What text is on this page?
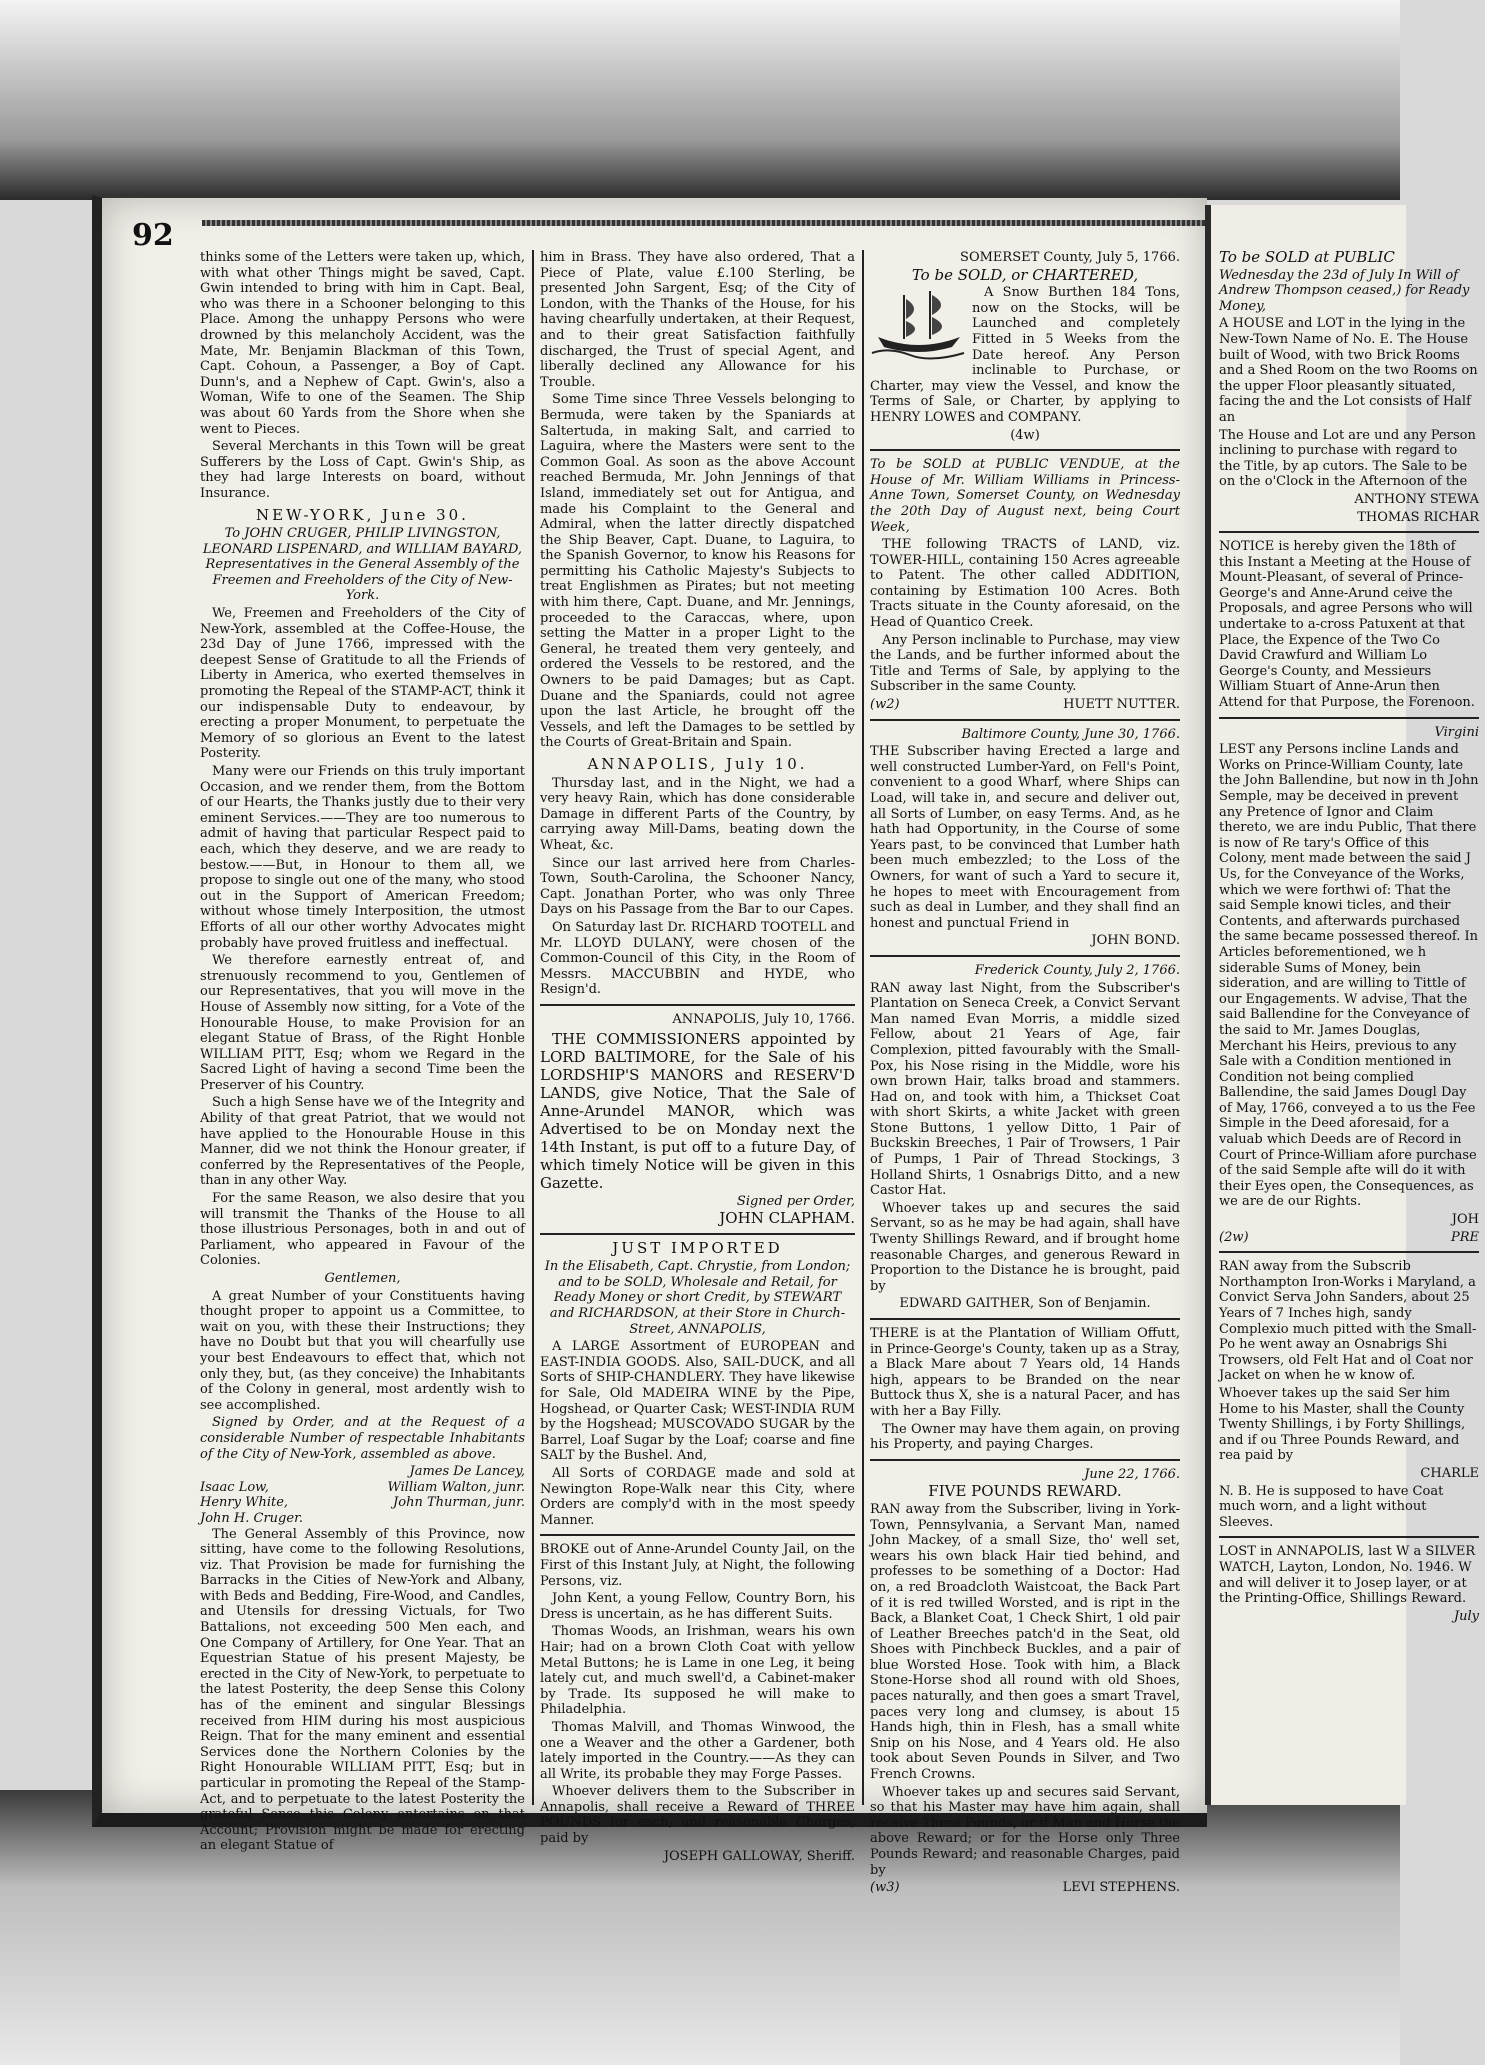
92

thinks some of the Letters were taken up, which, with what other Things might be saved, Capt. Gwin intended to bring with him in Capt. Beal, who was there in a Schooner belonging to this Place. Among the unhappy Persons who were drowned by this melancholy Accident, was the Mate, Mr. Benjamin Blackman of this Town, Capt. Cohoun, a Passenger, a Boy of Capt. Dunn's, and a Nephew of Capt. Gwin's, also a Woman, Wife to one of the Seamen. The Ship was about 60 Yards from the Shore when she went to Pieces.

Several Merchants in this Town will be great Sufferers by the Loss of Capt. Gwin's Ship, as they had large Interests on board, without Insurance.

NEW-YORK, June 30.

To JOHN CRUGER, PHILIP LIVINGSTON, LEONARD LISPENARD, and WILLIAM BAYARD, Representatives in the General Assembly of the Freemen and Freeholders of the City of New-York.

We, Freemen and Freeholders of the City of New-York, assembled at the Coffee-House, the 23d Day of June 1766, impressed with the deepest Sense of Gratitude to all the Friends of Liberty in America, who exerted themselves in promoting the Repeal of the STAMP-ACT, think it our indispensable Duty to endeavour, by erecting a proper Monument, to perpetuate the Memory of so glorious an Event to the latest Posterity.

Many were our Friends on this truly important Occasion, and we render them, from the Bottom of our Hearts, the Thanks justly due to their very eminent Services.——They are too numerous to admit of having that particular Respect paid to each, which they deserve, and we are ready to bestow.——But, in Honour to them all, we propose to single out one of the many, who stood out in the Support of American Freedom; without whose timely Interposition, the utmost Efforts of all our other worthy Advocates might probably have proved fruitless and ineffectual.

We therefore earnestly entreat of, and strenuously recommend to you, Gentlemen of our Representatives, that you will move in the House of Assembly now sitting, for a Vote of the Honourable House, to make Provision for an elegant Statue of Brass, of the Right Honble WILLIAM PITT, Esq; whom we Regard in the Sacred Light of having a second Time been the Preserver of his Country.

Such a high Sense have we of the Integrity and Ability of that great Patriot, that we would not have applied to the Honourable House in this Manner, did we not think the Honour greater, if conferred by the Representatives of the People, than in any other Way.

For the same Reason, we also desire that you will transmit the Thanks of the House to all those illustrious Personages, both in and out of Parliament, who appeared in Favour of the Colonies.

Gentlemen,

A great Number of your Constituents having thought proper to appoint us a Committee, to wait on you, with these their Instructions; they have no Doubt but that you will chearfully use your best Endeavours to effect that, which not only they, but, (as they conceive) the Inhabitants of the Colony in general, most ardently wish to see accomplished.

Signed by Order, and at the Request of a considerable Number of respectable Inhabitants of the City of New-York, assembled as above.

James De Lancey,
Isaac Low,	William Walton, junr.
Henry White,	John Thurman, junr.
John H. Cruger.

The General Assembly of this Province, now sitting, have come to the following Resolutions, viz. That Provision be made for furnishing the Barracks in the Cities of New-York and Albany, with Beds and Bedding, Fire-Wood, and Candles, and Utensils for dressing Victuals, for Two Battalions, not exceeding 500 Men each, and One Company of Artillery, for One Year. That an Equestrian Statue of his present Majesty, be erected in the City of New-York, to perpetuate to the latest Posterity, the deep Sense this Colony has of the eminent and singular Blessings received from HIM during his most auspicious Reign. That for the many eminent and essential Services done the Northern Colonies by the Right Honourable WILLIAM PITT, Esq; but in particular in promoting the Repeal of the Stamp-Act, and to perpetuate to the latest Posterity the grateful Sense this Colony entertains on that Account; Provision might be made for erecting an elegant Statue of

him in Brass. They have also ordered, That a Piece of Plate, value £.100 Sterling, be presented John Sargent, Esq; of the City of London, with the Thanks of the House, for his having chearfully undertaken, at their Request, and to their great Satisfaction faithfully discharged, the Trust of special Agent, and liberally declined any Allowance for his Trouble.

Some Time since Three Vessels belonging to Bermuda, were taken by the Spaniards at Saltertuda, in making Salt, and carried to Laguira, where the Masters were sent to the Common Goal. As soon as the above Account reached Bermuda, Mr. John Jennings of that Island, immediately set out for Antigua, and made his Complaint to the General and Admiral, when the latter directly dispatched the Ship Beaver, Capt. Duane, to Laguira, to the Spanish Governor, to know his Reasons for permitting his Catholic Majesty's Subjects to treat Englishmen as Pirates; but not meeting with him there, Capt. Duane, and Mr. Jennings, proceeded to the Caraccas, where, upon setting the Matter in a proper Light to the General, he treated them very genteely, and ordered the Vessels to be restored, and the Owners to be paid Damages; but as Capt. Duane and the Spaniards, could not agree upon the last Article, he brought off the Vessels, and left the Damages to be settled by the Courts of Great-Britain and Spain.

ANNAPOLIS, July 10.

Thursday last, and in the Night, we had a very heavy Rain, which has done considerable Damage in different Parts of the Country, by carrying away Mill-Dams, beating down the Wheat, &c.

Since our last arrived here from Charles-Town, South-Carolina, the Schooner Nancy, Capt. Jonathan Porter, who was only Three Days on his Passage from the Bar to our Capes.

On Saturday last Dr. RICHARD TOOTELL and Mr. LLOYD DULANY, were chosen of the Common-Council of this City, in the Room of Messrs. MACCUBBIN and HYDE, who Resign'd.

ANNAPOLIS, July 10, 1766.

THE COMMISSIONERS appointed by LORD BALTIMORE, for the Sale of his LORDSHIP'S MANORS and RESERV'D LANDS, give Notice, That the Sale of Anne-Arundel MANOR, which was Advertised to be on Monday next the 14th Instant, is put off to a future Day, of which timely Notice will be given in this Gazette.

Signed per Order,

JOHN CLAPHAM.

JUST IMPORTED

In the Elisabeth, Capt. Chrystie, from London; and to be SOLD, Wholesale and Retail, for Ready Money or short Credit, by STEWART and RICHARDSON, at their Store in Church-Street, ANNAPOLIS,

A LARGE Assortment of EUROPEAN and EAST-INDIA GOODS. Also, SAIL-DUCK, and all Sorts of SHIP-CHANDLERY. They have likewise for Sale, Old MADEIRA WINE by the Pipe, Hogshead, or Quarter Cask; WEST-INDIA RUM by the Hogshead; MUSCOVADO SUGAR by the Barrel, Loaf Sugar by the Loaf; coarse and fine SALT by the Bushel. And,

All Sorts of CORDAGE made and sold at Newington Rope-Walk near this City, where Orders are comply'd with in the most speedy Manner.

BROKE out of Anne-Arundel County Jail, on the First of this Instant July, at Night, the following Persons, viz.

John Kent, a young Fellow, Country Born, his Dress is uncertain, as he has different Suits.

Thomas Woods, an Irishman, wears his own Hair; had on a brown Cloth Coat with yellow Metal Buttons; he is Lame in one Leg, it being lately cut, and much swell'd, a Cabinet-maker by Trade. Its supposed he will make to Philadelphia.

Thomas Malvill, and Thomas Winwood, the one a Weaver and the other a Gardener, both lately imported in the Country.——As they can all Write, its probable they may Forge Passes.

Whoever delivers them to the Subscriber in Annapolis, shall receive a Reward of THREE POUNDS for each, and reasonable Charges, paid by

JOSEPH GALLOWAY, Sheriff.

SOMERSET County, July 5, 1766.

To be SOLD, or CHARTERED,

A Snow Burthen 184 Tons, now on the Stocks, will be Launched and completely Fitted in 5 Weeks from the Date hereof. Any Person inclinable to Purchase, or Charter, may view the Vessel, and know the Terms of Sale, or Charter, by applying to HENRY LOWES and COMPANY.

(4w)

To be SOLD at PUBLIC VENDUE, at the House of Mr. William Williams in Princess-Anne Town, Somerset County, on Wednesday the 20th Day of August next, being Court Week,

THE following TRACTS of LAND, viz. TOWER-HILL, containing 150 Acres agreeable to Patent. The other called ADDITION, containing by Estimation 100 Acres. Both Tracts situate in the County aforesaid, on the Head of Quantico Creek.

Any Person inclinable to Purchase, may view the Lands, and be further informed about the Title and Terms of Sale, by applying to the Subscriber in the same County.

(w2)	HUETT NUTTER.

Baltimore County, June 30, 1766.

THE Subscriber having Erected a large and well constructed Lumber-Yard, on Fell's Point, convenient to a good Wharf, where Ships can Load, will take in, and secure and deliver out, all Sorts of Lumber, on easy Terms. And, as he hath had Opportunity, in the Course of some Years past, to be convinced that Lumber hath been much embezzled; to the Loss of the Owners, for want of such a Yard to secure it, he hopes to meet with Encouragement from such as deal in Lumber, and they shall find an honest and punctual Friend in

JOHN BOND.

Frederick County, July 2, 1766.

RAN away last Night, from the Subscriber's Plantation on Seneca Creek, a Convict Servant Man named Evan Morris, a middle sized Fellow, about 21 Years of Age, fair Complexion, pitted favourably with the Small-Pox, his Nose rising in the Middle, wore his own brown Hair, talks broad and stammers. Had on, and took with him, a Thickset Coat with short Skirts, a white Jacket with green Stone Buttons, 1 yellow Ditto, 1 Pair of Buckskin Breeches, 1 Pair of Trowsers, 1 Pair of Pumps, 1 Pair of Thread Stockings, 3 Holland Shirts, 1 Osnabrigs Ditto, and a new Castor Hat.

Whoever takes up and secures the said Servant, so as he may be had again, shall have Twenty Shillings Reward, and if brought home reasonable Charges, and generous Reward in Proportion to the Distance he is brought, paid by

EDWARD GAITHER, Son of Benjamin.

THERE is at the Plantation of William Offutt, in Prince-George's County, taken up as a Stray, a Black Mare about 7 Years old, 14 Hands high, appears to be Branded on the near Buttock thus X, she is a natural Pacer, and has with her a Bay Filly.

The Owner may have them again, on proving his Property, and paying Charges.

June 22, 1766.

FIVE POUNDS REWARD.

RAN away from the Subscriber, living in York-Town, Pennsylvania, a Servant Man, named John Mackey, of a small Size, tho' well set, wears his own black Hair tied behind, and professes to be something of a Doctor: Had on, a red Broadcloth Waistcoat, the Back Part of it is red twilled Worsted, and is ript in the Back, a Blanket Coat, 1 Check Shirt, 1 old pair of Leather Breeches patch'd in the Seat, old Shoes with Pinchbeck Buckles, and a pair of blue Worsted Hose. Took with him, a Black Stone-Horse shod all round with old Shoes, paces naturally, and then goes a smart Travel, paces very long and clumsey, is about 15 Hands high, thin in Flesh, has a small white Snip on his Nose, and 4 Years old. He also took about Seven Pounds in Silver, and Two French Crowns.

Whoever takes up and secures said Servant, so that his Master may have him again, shall receive Three Pounds, or if Man and Horse the above Reward; or for the Horse only Three Pounds Reward; and reasonable Charges, paid by

(w3)	LEVI STEPHENS.

To be SOLD at PUBLIC

Wednesday the 23d of July In Will of Andrew Thompson ceased,) for Ready Money,

A HOUSE and LOT in the lying in the New-Town Name of No. E. The House built of Wood, with two Brick Rooms and a Shed Room on the two Rooms on the upper Floor pleasantly situated, facing the and the Lot consists of Half an

The House and Lot are und any Person inclining to purchase with regard to the Title, by ap cutors. The Sale to be on the o'Clock in the Afternoon of the

ANTHONY STEWA

THOMAS RICHAR

NOTICE is hereby given the 18th of this Instant a Meeting at the House of Mount-Pleasant, of several of Prince-George's and Anne-Arund ceive the Proposals, and agree Persons who will undertake to a-cross Patuxent at that Place, the Expence of the Two Co David Crawfurd and William Lo George's County, and Messieurs William Stuart of Anne-Arun then Attend for that Purpose, the Forenoon.

Virgini

LEST any Persons incline Lands and Works on Prince-William County, late the John Ballendine, but now in th John Semple, may be deceived in prevent any Pretence of Ignor and Claim thereto, we are indu Public, That there is now of Re tary's Office of this Colony, ment made between the said J Us, for the Conveyance of the Works, which we were forthwi of: That the said Semple knowi ticles, and their Contents, and afterwards purchased the same became possessed thereof. In Articles beforementioned, we h siderable Sums of Money, bein sideration, and are willing to Tittle of our Engagements. W advise, That the said Ballendine for the Conveyance of the said to Mr. James Douglas, Merchant his Heirs, previous to any Sale with a Condition mentioned in Condition not being complied Ballendine, the said James Dougl Day of May, 1766, conveyed a to us the Fee Simple in the Deed aforesaid, for a valuab which Deeds are of Record in Court of Prince-William afore purchase of the said Semple afte will do it with their Eyes open, the Consequences, as we are de our Rights.

JOH

(2w)	PRE

RAN away from the Subscrib Northampton Iron-Works i Maryland, a Convict Serva John Sanders, about 25 Years of 7 Inches high, sandy Complexio much pitted with the Small-Po he went away an Osnabrigs Shi Trowsers, old Felt Hat and ol Coat nor Jacket on when he w know of.

Whoever takes up the said Ser him Home to his Master, shall the County Twenty Shillings, i by Forty Shillings, and if ou Three Pounds Reward, and rea paid by

CHARLE

N. B. He is supposed to have Coat much worn, and a light without Sleeves.

LOST in ANNAPOLIS, last W a SILVER WATCH, Layton, London, No. 1946. W and will deliver it to Josep layer, or at the Printing-Office, Shillings Reward.

July
